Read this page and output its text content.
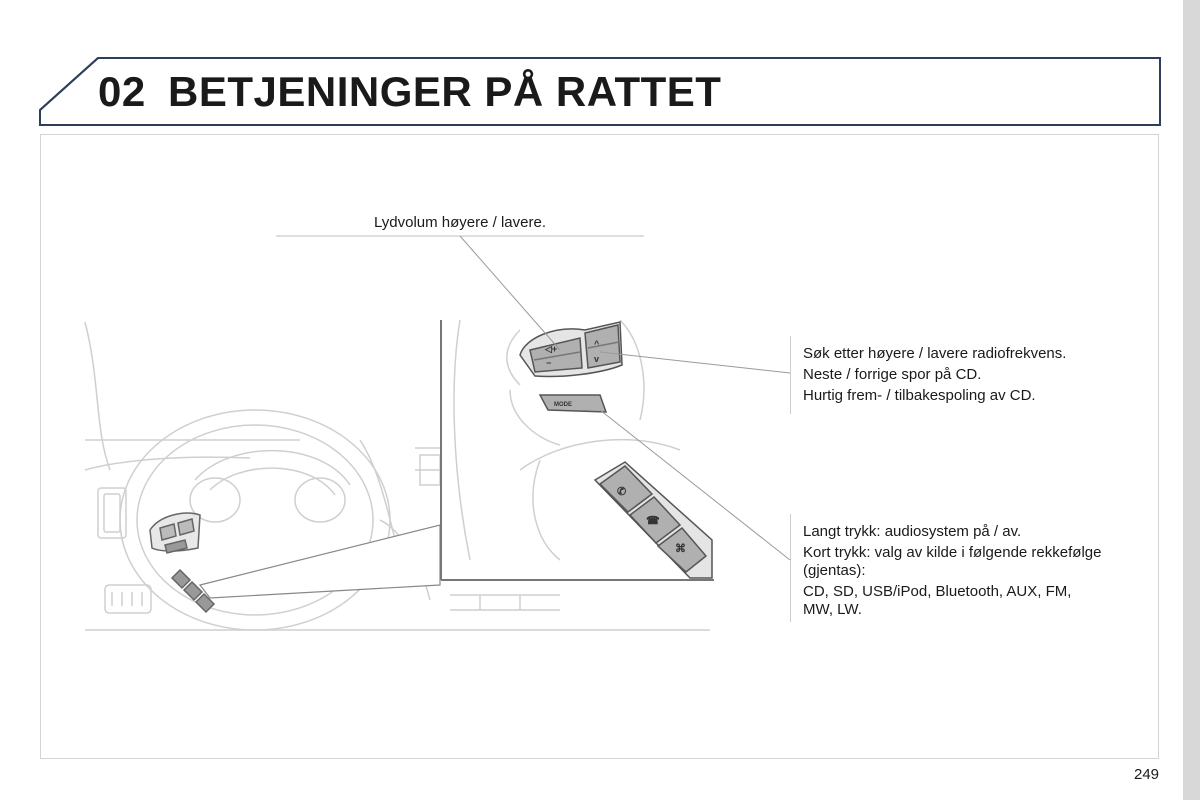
02 BETJENINGER PÅ RATTET
◁+
−
^
v
MODE
✆
☎
⌘
Lydvolum høyere / lavere.
Søk etter høyere / lavere radiofrekvens.
Neste / forrige spor på CD.
Hurtig frem- / tilbakespoling av CD.
Langt trykk: audiosystem på / av.
Kort trykk: valg av kilde i følgende rekkefølge (gjentas):
CD, SD, USB/iPod, Bluetooth, AUX, FM, MW, LW.
249
